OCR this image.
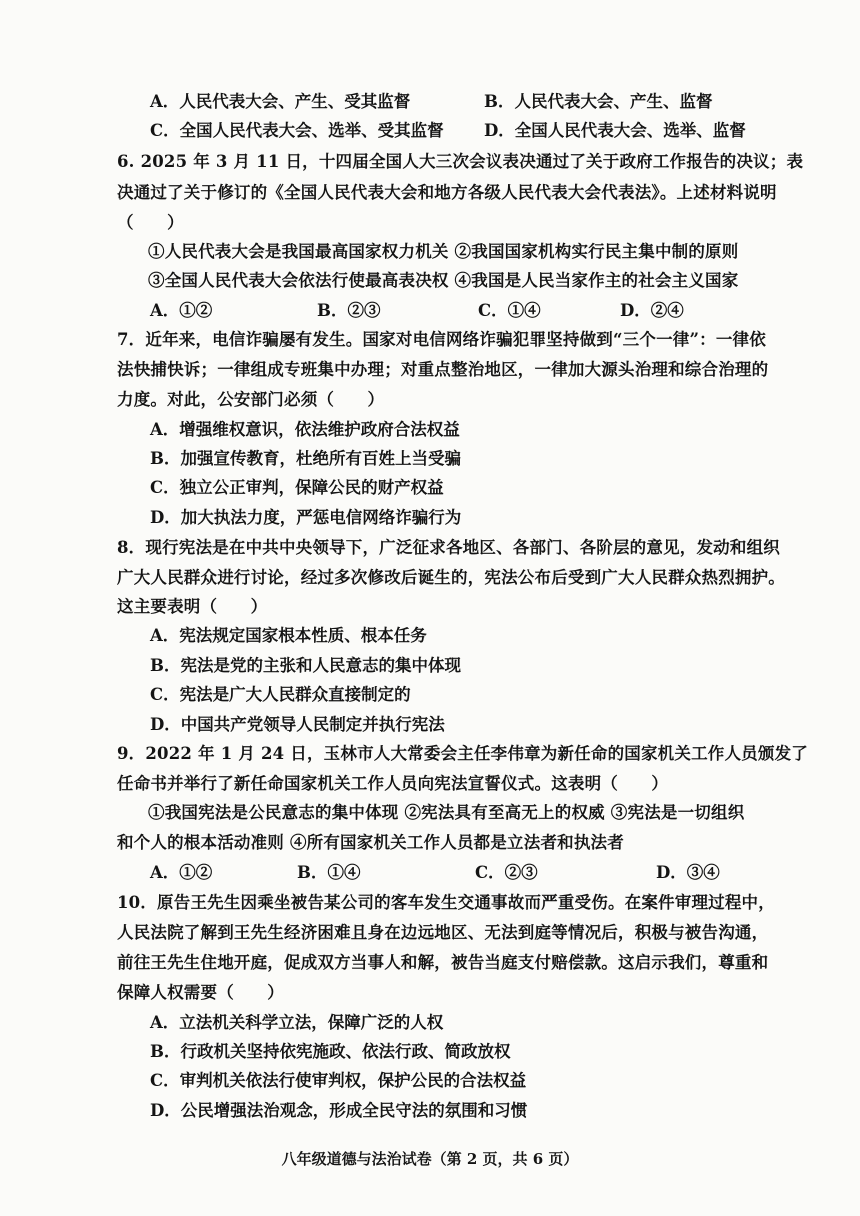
A．人民代表大会、产生、受其监督	B．人民代表大会、产生、监督
C．全国人民代表大会、选举、受其监督 D．全国人民代表大会、选举、监督
6. 2025 年 3 月 11 日，十四届全国人大三次会议表决通过了关于政府工作报告的决议；表
决通过了关于修订的《全国人民代表大会和地方各级人民代表大会代表法》。上述材料说明
（　　）
①人民代表大会是我国最高国家权力机关 ②我国国家机构实行民主集中制的原则
③全国人民代表大会依法行使最高表决权 ④我国是人民当家作主的社会主义国家
A．①②	B．②③	C．①④	D．②④
7．近年来，电信诈骗屡有发生。国家对电信网络诈骗犯罪坚持做到“三个一律”：一律依
法快捕快诉；一律组成专班集中办理；对重点整治地区，一律加大源头治理和综合治理的
力度。对此，公安部门必须（　　）
A．增强维权意识，依法维护政府合法权益
B．加强宣传教育，杜绝所有百姓上当受骗
C．独立公正审判，保障公民的财产权益
D．加大执法力度，严惩电信网络诈骗行为
8．现行宪法是在中共中央领导下，广泛征求各地区、各部门、各阶层的意见，发动和组织
广大人民群众进行讨论，经过多次修改后诞生的，宪法公布后受到广大人民群众热烈拥护。
这主要表明（　　）
A．宪法规定国家根本性质、根本任务
B．宪法是党的主张和人民意志的集中体现
C．宪法是广大人民群众直接制定的
D．中国共产党领导人民制定并执行宪法
9．2022 年 1 月 24 日，玉林市人大常委会主任李伟章为新任命的国家机关工作人员颁发了
任命书并举行了新任命国家机关工作人员向宪法宣誓仪式。这表明（　　）
①我国宪法是公民意志的集中体现 ②宪法具有至高无上的权威 ③宪法是一切组织
和个人的根本活动准则 ④所有国家机关工作人员都是立法者和执法者
A．①②	B．①④	C．②③	D．③④
10．原告王先生因乘坐被告某公司的客车发生交通事故而严重受伤。在案件审理过程中，
人民法院了解到王先生经济困难且身在边远地区、无法到庭等情况后，积极与被告沟通，
前往王先生住地开庭，促成双方当事人和解，被告当庭支付赔偿款。这启示我们，尊重和
保障人权需要（　　）
A．立法机关科学立法，保障广泛的人权
B．行政机关坚持依宪施政、依法行政、简政放权
C．审判机关依法行使审判权，保护公民的合法权益
D．公民增强法治观念，形成全民守法的氛围和习惯
八年级道德与法治试卷（第 2 页，共 6 页）
